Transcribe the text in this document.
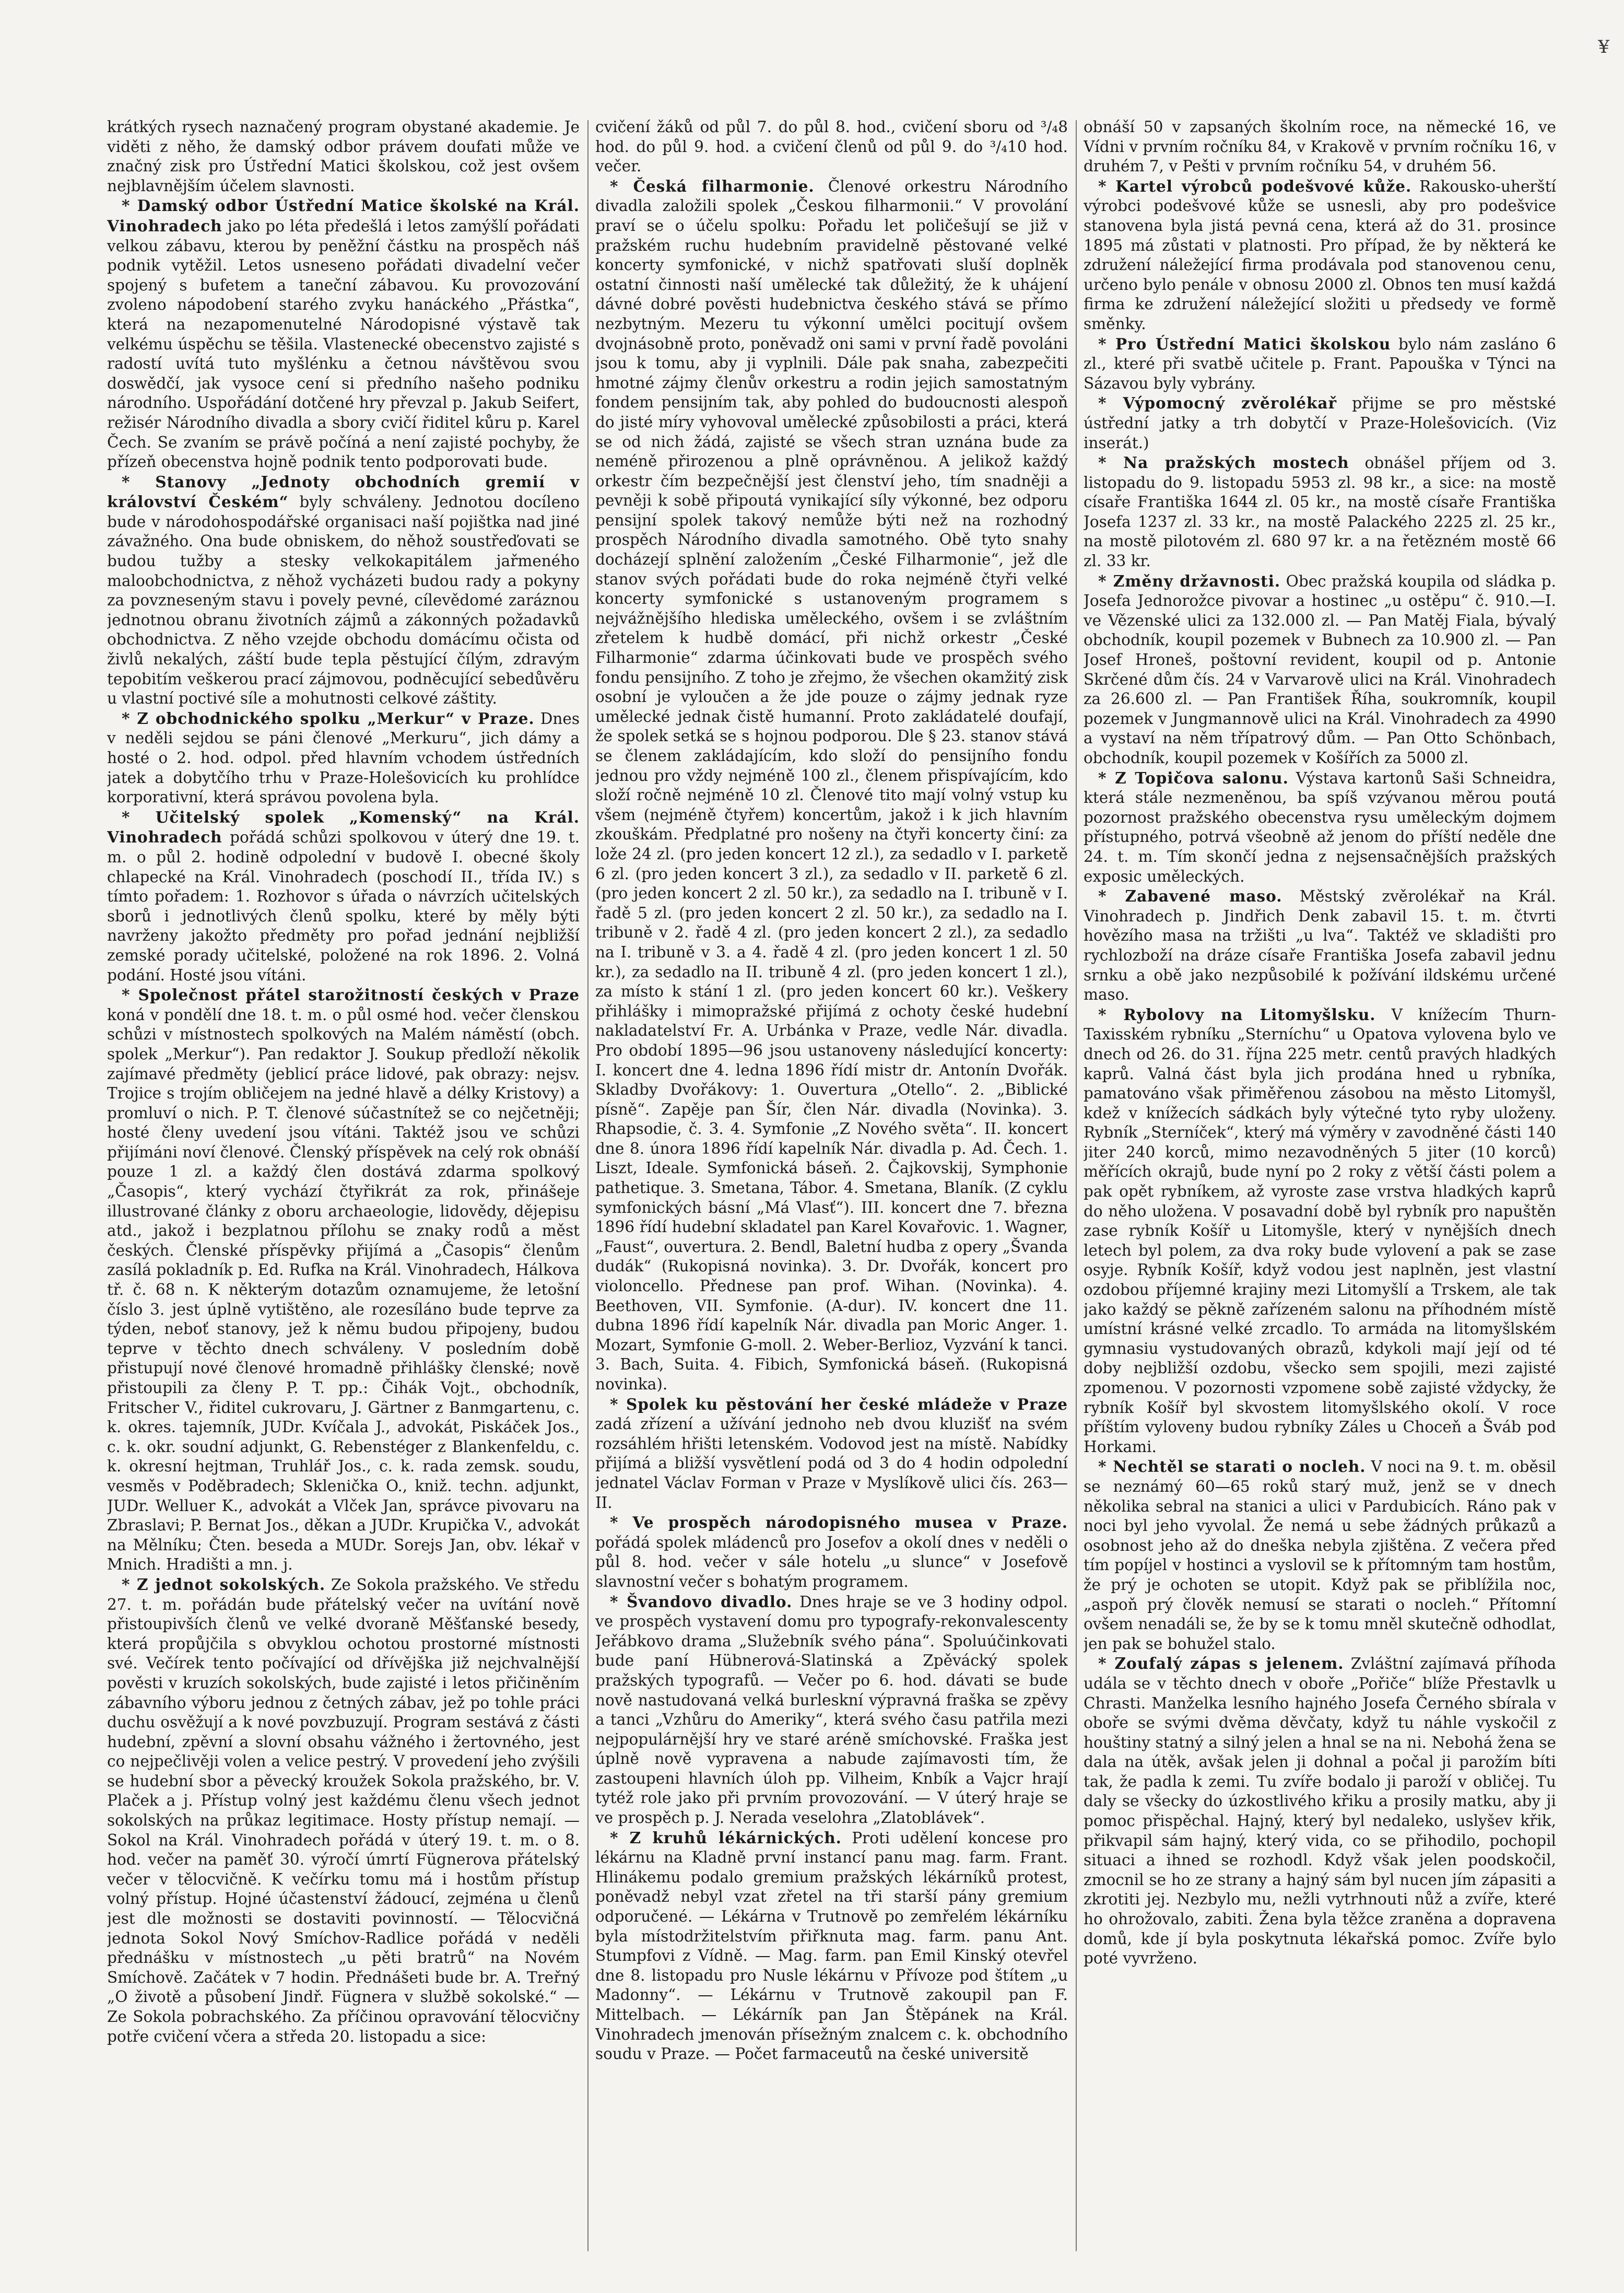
¥

krátkých rysech naznačený program obystané akademie. Je viděti z něho, že damský odbor právem doufati může ve značný zisk pro Ústřední Matici školskou, což jest ovšem nejblavnějším účelem slavnosti.

* Damský odbor Ústřední Matice školské na Král. Vinohradech jako po léta předešlá i letos zamýšlí pořádati velkou zábavu, kterou by peněžní částku na prospěch náš podnik vytěžil. Letos usneseno pořádati divadelní večer spojený s bufetem a taneční zábavou. Ku provozování zvoleno nápodobení starého zvyku hanáckého „Přástka“, která na nezapomenutelné Národopisné výstavě tak velkému úspěchu se těšila. Vlastenecké obecenstvo zajisté s radostí uvítá tuto myšlénku a četnou návštěvou svou doswědčí, jak vysoce cení si předního našeho podniku národního. Uspořádání dotčené hry převzal p. Jakub Seifert, režisér Národního divadla a sbory cvičí řiditel kůru p. Karel Čech. Se zvaním se právě počíná a není zajisté pochyby, že přízeň obecenstva hojně podnik tento podporovati bude.

* Stanovy „Jednoty obchodních gremií v království Českém“ byly schváleny. Jednotou docíleno bude v národohospodářské organisaci naší pojištka nad jiné závažného. Ona bude obniskem, do něhož soustřeďovati se budou tužby a stesky velkokapitálem jařmeného maloobchodnictva, z něhož vycházeti budou rady a pokyny za povzneseným stavu i povely pevné, cílevědomé zaráznou jednotnou obranu životních zájmů a zákonných požadavků obchodnictva. Z něho vzejde obchodu domácímu očista od živlů nekalých, záští bude tepla pěstující čílým, zdravým tepobitím veškerou prací zájmovou, podněcující sebedůvěru u vlastní poctivé síle a mohutnosti celkové záštity.

* Z obchodnického spolku „Merkur“ v Praze. Dnes v neděli sejdou se páni členové „Merkuru“, jich dámy a hosté o 2. hod. odpol. před hlavním vchodem ústředních jatek a dobytčího trhu v Praze-Holešovicích ku prohlídce korporativní, která správou povolena byla.

* Učitelský spolek „Komenský“ na Král. Vinohradech pořádá schůzi spolkovou v úterý dne 19. t. m. o půl 2. hodině odpolední v budově I. obecné školy chlapecké na Král. Vinohradech (poschodí II., třída IV.) s tímto pořadem: 1. Rozhovor s úřada o návrzích učitelských sborů i jednotlivých členů spolku, které by měly býti navrženy jakožto předměty pro pořad jednání nejbližší zemské porady učitelské, položené na rok 1896. 2. Volná podání. Hosté jsou vítáni.

* Společnost přátel starožitností českých v Praze koná v pondělí dne 18. t. m. o půl osmé hod. večer členskou schůzi v místnostech spolkových na Malém náměstí (obch. spolek „Merkur“). Pan redaktor J. Soukup předloží několik zajímavé předměty (jeblicí práce lidové, pak obrazy: nejsv. Trojice s trojím obličejem na jedné hlavě a délky Kristovy) a promluví o nich. P. T. členové súčastnítež se co nejčetněji; hosté členy uvedení jsou vítáni. Taktéž jsou ve schůzi přijímáni noví členové. Členský příspěvek na celý rok obnáší pouze 1 zl. a každý člen dostává zdarma spolkový „Časopis“, který vychází čtyřikrát za rok, přinášeje illustrované články z oboru archaeologie, lidovědy, dějepisu atd., jakož i bezplatnou přílohu se znaky rodů a měst českých. Členské příspěvky přijímá a „Časopis“ členům zasílá pokladník p. Ed. Rufka na Král. Vinohradech, Hálkova tř. č. 68 n. K některým dotazům oznamujeme, že letošní číslo 3. jest úplně vytištěno, ale rozesíláno bude teprve za týden, neboť stanovy, jež k němu budou připojeny, budou teprve v těchto dnech schváleny. V posledním době přistupují nové členové hromadně přihlášky členské; nově přistoupili za členy P. T. pp.: Čihák Vojt., obchodník, Fritscher V., řiditel cukrovaru, J. Gärtner z Banmgartenu, c. k. okres. tajemník, JUDr. Kvíčala J., advokát, Piskáček Jos., c. k. okr. soudní adjunkt, G. Rebenstéger z Blankenfeldu, c. k. okresní hejtman, Truhlář Jos., c. k. rada zemsk. soudu, vesměs v Poděbradech; Sklenička O., kniž. techn. adjunkt, JUDr. Welluer K., advokát a Vlček Jan, správce pivovaru na Zbraslavi; P. Bernat Jos., děkan a JUDr. Krupička V., advokát na Mělníku; Čten. beseda a MUDr. Sorejs Jan, obv. lékař v Mnich. Hradišti a mn. j.

* Z jednot sokolských. Ze Sokola pražského. Ve středu 27. t. m. pořádán bude přátelský večer na uvítání nově přistoupivších členů ve velké dvoraně Měšťanské besedy, která propůjčila s obvyklou ochotou prostorné místnosti své. Večírek tento počívající od dřívějška již nejchvalnější pověsti v kruzích sokolských, bude zajisté i letos přičiněním zábavního výboru jednou z četných zábav, jež po tohle práci duchu osvěžují a k nové povzbuzují. Program sestává z části hudební, zpěvní a slovní obsahu vážného i žertovného, jest co nejpečlivěji volen a velice pestrý. V provedení jeho zvýšili se hudební sbor a pěvecký kroužek Sokola pražského, br. V. Plaček a j. Přístup volný jest každému členu všech jednot sokolských na průkaz legitimace. Hosty přístup nemají. — Sokol na Král. Vinohradech pořádá v úterý 19. t. m. o 8. hod. večer na paměť 30. výročí úmrtí Fügnerova přátelský večer v tělocvičně. K večírku tomu má i hostům přístup volný přístup. Hojné účastenství žádoucí, zejména u členů jest dle možnosti se dostaviti povinností. — Tělocvičná jednota Sokol Nový Smíchov-Radlice pořádá v neděli přednášku v místnostech „u pěti bratrů“ na Novém Smíchově. Začátek v 7 hodin. Přednášeti bude br. A. Treřný „O životě a působení Jindř. Fügnera v službě sokolské.“ — Ze Sokola pobrachského. Za příčinou opravování tělocvičny potře cvičení včera a středa 20. listopadu a sice:

cvičení žáků od půl 7. do půl 8. hod., cvičení sboru od ³/₄8 hod. do půl 9. hod. a cvičení členů od půl 9. do ³/₄10 hod. večer.

* Česká filharmonie. Členové orkestru Národního divadla založili spolek „Českou filharmonii.“ V provolání praví se o účelu spolku: Pořadu let poličešují se již v pražském ruchu hudebním pravidelně pěstované velké koncerty symfonické, v nichž spatřovati sluší doplněk ostatní činnosti naší umělecké tak důležitý, že k uhájení dávné dobré pověsti hudebnictva českého stává se přímo nezbytným. Mezeru tu výkonní umělci pocitují ovšem dvojnásobně proto, poněvadž oni sami v první řadě povoláni jsou k tomu, aby ji vyplnili. Dále pak snaha, zabezpečiti hmotné zájmy členův orkestru a rodin jejich samostatným fondem pensijním tak, aby pohled do budoucnosti alespoň do jisté míry vyhovoval umělecké způsobilosti a práci, která se od nich žádá, zajisté se všech stran uznána bude za neméně přirozenou a plně oprávněnou. A jelikož každý orkestr čím bezpečnější jest členství jeho, tím snadněji a pevněji k sobě připoutá vynikající síly výkonné, bez odporu pensijní spolek takový nemůže býti než na rozhodný prospěch Národního divadla samotného. Obě tyto snahy docházejí splnění založením „České Filharmonie“, jež dle stanov svých pořádati bude do roka nejméně čtyři velké koncerty symfonické s ustanoveným programem s nejvážnějšího hlediska uměleckého, ovšem i se zvláštním zřetelem k hudbě domácí, při nichž orkestr „České Filharmonie“ zdarma účinkovati bude ve prospěch svého fondu pensijního. Z toho je zřejmo, že všechen okamžitý zisk osobní je vyloučen a že jde pouze o zájmy jednak ryze umělecké jednak čistě humanní. Proto zakládatelé doufají, že spolek setká se s hojnou podporou. Dle § 23. stanov stává se členem zakládajícím, kdo složí do pensijního fondu jednou pro vždy nejméně 100 zl., členem přispívajícím, kdo složí ročně nejméně 10 zl. Členové tito mají volný vstup ku všem (nejméně čtyřem) koncertům, jakož i k jich hlavním zkouškám. Předplatné pro nošeny na čtyři koncerty činí: za lože 24 zl. (pro jeden koncert 12 zl.), za sedadlo v I. parketě 6 zl. (pro jeden koncert 3 zl.), za sedadlo v II. parketě 6 zl. (pro jeden koncert 2 zl. 50 kr.), za sedadlo na I. tribuně v I. řadě 5 zl. (pro jeden koncert 2 zl. 50 kr.), za sedadlo na I. tribuně v 2. řadě 4 zl. (pro jeden koncert 2 zl.), za sedadlo na I. tribuně v 3. a 4. řadě 4 zl. (pro jeden koncert 1 zl. 50 kr.), za sedadlo na II. tribuně 4 zl. (pro jeden koncert 1 zl.), za místo k stání 1 zl. (pro jeden koncert 60 kr.). Veškery přihlášky i mimopražské přijímá z ochoty české hudební nakladatelství Fr. A. Urbánka v Praze, vedle Nár. divadla. Pro období 1895—96 jsou ustanoveny následující koncerty: I. koncert dne 4. ledna 1896 řídí mistr dr. Antonín Dvořák. Skladby Dvořákovy: 1. Ouvertura „Otello“. 2. „Biblické písně“. Zapěje pan Šír, člen Nár. divadla (Novinka). 3. Rhapsodie, č. 3. 4. Symfonie „Z Nového světa“. II. koncert dne 8. února 1896 řídí kapelník Nár. divadla p. Ad. Čech. 1. Liszt, Ideale. Symfonická báseň. 2. Čajkovskij, Symphonie pathetique. 3. Smetana, Tábor. 4. Smetana, Blaník. (Z cyklu symfonických básní „Má Vlasť“). III. koncert dne 7. března 1896 řídí hudební skladatel pan Karel Kovařovic. 1. Wagner, „Faust“, ouvertura. 2. Bendl, Baletní hudba z opery „Švanda dudák“ (Rukopisná novinka). 3. Dr. Dvořák, koncert pro violoncello. Přednese pan prof. Wihan. (Novinka). 4. Beethoven, VII. Symfonie. (A-dur). IV. koncert dne 11. dubna 1896 řídí kapelník Nár. divadla pan Moric Anger. 1. Mozart, Symfonie G-moll. 2. Weber-Berlioz, Vyzvání k tanci. 3. Bach, Suita. 4. Fibich, Symfonická báseň. (Rukopisná novinka).

* Spolek ku pěstování her české mládeže v Praze zadá zřízení a užívání jednoho neb dvou kluzišť na svém rozsáhlém hřišti letenském. Vodovod jest na místě. Nabídky přijímá a bližší vysvětlení podá od 3 do 4 hodin odpolední jednatel Václav Forman v Praze v Myslíkově ulici čís. 263—II.

* Ve prospěch národopisného musea v Praze. pořádá spolek mládenců pro Josefov a okolí dnes v neděli o půl 8. hod. večer v sále hotelu „u slunce“ v Josefově slavnostní večer s bohatým programem.

* Švandovo divadlo. Dnes hraje se ve 3 hodiny odpol. ve prospěch vystavení domu pro typografy-rekonvalescenty Jeřábkovo drama „Služebník svého pána“. Spoluúčinkovati bude paní Hübnerová-Slatinská a Zpěvácký spolek pražských typografů. — Večer po 6. hod. dávati se bude nově nastudovaná velká burleskní výpravná fraška se zpěvy a tanci „Vzhůru do Ameriky“, která svého času patřila mezi nejpopulárnější hry ve staré aréně smíchovské. Fraška jest úplně nově vypravena a nabude zajímavosti tím, že zastoupeni hlavních úloh pp. Vilheim, Knbík a Vajcr hrají tytéž role jako při prvním provozování. — V úterý hraje se ve prospěch p. J. Nerada veselohra „Zlatoblávek“.

* Z kruhů lékárnických. Proti udělení koncese pro lékárnu na Kladně první instancí panu mag. farm. Frant. Hlinákemu podalo gremium pražských lékárníků protest, poněvadž nebyl vzat zřetel na tři starší pány gremium odporučené. — Lékárna v Trutnově po zemřelém lékárníku byla místodržitelstvím přiřknuta mag. farm. panu Ant. Stumpfovi z Vídně. — Mag. farm. pan Emil Kinský otevřel dne 8. listopadu pro Nusle lékárnu v Přívoze pod štítem „u Madonny“. — Lékárnu v Trutnově zakoupil pan F. Mittelbach. — Lékárník pan Jan Štěpánek na Král. Vinohradech jmenován přísežným znalcem c. k. obchodního soudu v Praze. — Počet farmaceutů na české universitě

obnáší 50 v zapsaných školním roce, na německé 16, ve Vídni v prvním ročníku 84, v Krakově v prvním ročníku 16, v druhém 7, v Pešti v prvním ročníku 54, v druhém 56.

* Kartel výrobců podešvové kůže. Rakousko-uherští výrobci podešvové kůže se usnesli, aby pro podešvice stanovena byla jistá pevná cena, která až do 31. prosince 1895 má zůstati v platnosti. Pro případ, že by některá ke združení náležející firma prodávala pod stanovenou cenu, určeno bylo penále v obnosu 2000 zl. Obnos ten musí každá firma ke združení náležející složiti u předsedy ve formě směnky.

* Pro Ústřední Matici školskou bylo nám zasláno 6 zl., které při svatbě učitele p. Frant. Papouška v Týnci na Sázavou byly vybrány.

* Výpomocný zvěrolékař přijme se pro městské ústřední jatky a trh dobytčí v Praze-Holešovicích. (Viz inserát.)

* Na pražských mostech obnášel příjem od 3. listopadu do 9. listopadu 5953 zl. 98 kr., a sice: na mostě císaře Františka 1644 zl. 05 kr., na mostě císaře Františka Josefa 1237 zl. 33 kr., na mostě Palackého 2225 zl. 25 kr., na mostě pilotovém zl. 680 97 kr. a na řetězném mostě 66 zl. 33 kr.

* Změny državnosti. Obec pražská koupila od sládka p. Josefa Jednorožce pivovar a hostinec „u ostěpu“ č. 910.—I. ve Vězenské ulici za 132.000 zl. — Pan Matěj Fiala, bývalý obchodník, koupil pozemek v Bubnech za 10.900 zl. — Pan Josef Hroneš, poštovní revident, koupil od p. Antonie Skrčené dům čís. 24 v Varvarově ulici na Král. Vinohradech za 26.600 zl. — Pan František Říha, soukromník, koupil pozemek v Jungmannově ulici na Král. Vinohradech za 4990 a vystaví na něm třípatrový dům. — Pan Otto Schönbach, obchodník, koupil pozemek v Košířích za 5000 zl.

* Z Topičova salonu. Výstava kartonů Saši Schneidra, která stále nezmeněnou, ba spíš vzývanou měrou poutá pozornost pražského obecenstva rysu uměleckým dojmem přístupného, potrvá všeobně až jenom do příští neděle dne 24. t. m. Tím skončí jedna z nejsensačnějších pražských exposic uměleckých.

* Zabavené maso. Městský zvěrolékař na Král. Vinohradech p. Jindřich Denk zabavil 15. t. m. čtvrti hovězího masa na tržišti „u lva“. Taktéž ve skladišti pro rychlozboží na dráze císaře Františka Josefa zabavil jednu srnku a obě jako nezpůsobilé k požívání ildskému určené maso.

* Rybolovy na Litomyšlsku. V knížecím Thurn-Taxisském rybníku „Sterníchu“ u Opatova vylovena bylo ve dnech od 26. do 31. října 225 metr. centů pravých hladkých kaprů. Valná část byla jich prodána hned u rybníka, pamatováno však přiměřenou zásobou na město Litomyšl, kdež v knížecích sádkách byly výtečné tyto ryby uloženy. Rybník „Sterníček“, který má výměry v zavodněné části 140 jiter 240 korců, mimo nezavodněných 5 jiter (10 korců) měřících okrajů, bude nyní po 2 roky z větší části polem a pak opět rybníkem, až vyroste zase vrstva hladkých kaprů do něho uložena. V posavadní době byl rybník pro napuštěn zase rybník Košíř u Litomyšle, který v nynějších dnech letech byl polem, za dva roky bude vylovení a pak se zase osyje. Rybník Košíř, když vodou jest naplněn, jest vlastní ozdobou příjemné krajiny mezi Litomyšlí a Trskem, ale tak jako každý se pěkně zařízeném salonu na příhodném místě umístní krásné velké zrcadlo. To armáda na litomyšlském gymnasiu vystudovaných obrazů, kdykoli mají její od té doby nejbližší ozdobu, všecko sem spojili, mezi zajisté zpomenou. V pozornosti vzpomene sobě zajisté vždycky, že rybník Košíř byl skvostem litomyšlského okolí. V roce příštím vyloveny budou rybníky Záles u Choceň a Šváb pod Horkami.

* Nechtěl se starati o nocleh. V noci na 9. t. m. oběsil se neznámý 60—65 roků starý muž, jenž se v dnech několika sebral na stanici a ulici v Pardubicích. Ráno pak v noci byl jeho vyvolal. Že nemá u sebe žádných průkazů a osobnost jeho až do dneška nebyla zjištěna. Z večera před tím popíjel v hostinci a vyslovil se k přítomným tam hostům, že prý je ochoten se utopit. Když pak se přiblížila noc, „aspoň prý člověk nemusí se starati o nocleh.“ Přítomní ovšem nenadáli se, že by se k tomu mněl skutečně odhodlat, jen pak se bohužel stalo.

* Zoufalý zápas s jelenem. Zvláštní zajímavá příhoda udála se v těchto dnech v oboře „Pořiče“ blíže Přestavlk u Chrasti. Manželka lesního hajného Josefa Černého sbírala v oboře se svými dvěma děvčaty, když tu náhle vyskočil z houštiny statný a silný jelen a hnal se na ni. Nebohá žena se dala na útěk, avšak jelen ji dohnal a počal ji parožím bíti tak, že padla k zemi. Tu zvíře bodalo ji paroží v obličej. Tu daly se všecky do úzkostlivého křiku a prosily matku, aby ji pomoc přispěchal. Hajný, který byl nedaleko, uslyšev křik, přikvapil sám hajný, který vida, co se přihodilo, pochopil situaci a ihned se rozhodl. Když však jelen poodskočil, zmocnil se ho ze strany a hajný sám byl nucen jím zápasiti a zkrotiti jej. Nezbylo mu, nežli vytrhnouti nůž a zvíře, které ho ohrožovalo, zabiti. Žena byla těžce zraněna a dopravena domů, kde jí byla poskytnuta lékařská pomoc. Zvíře bylo poté vyvrženo.
